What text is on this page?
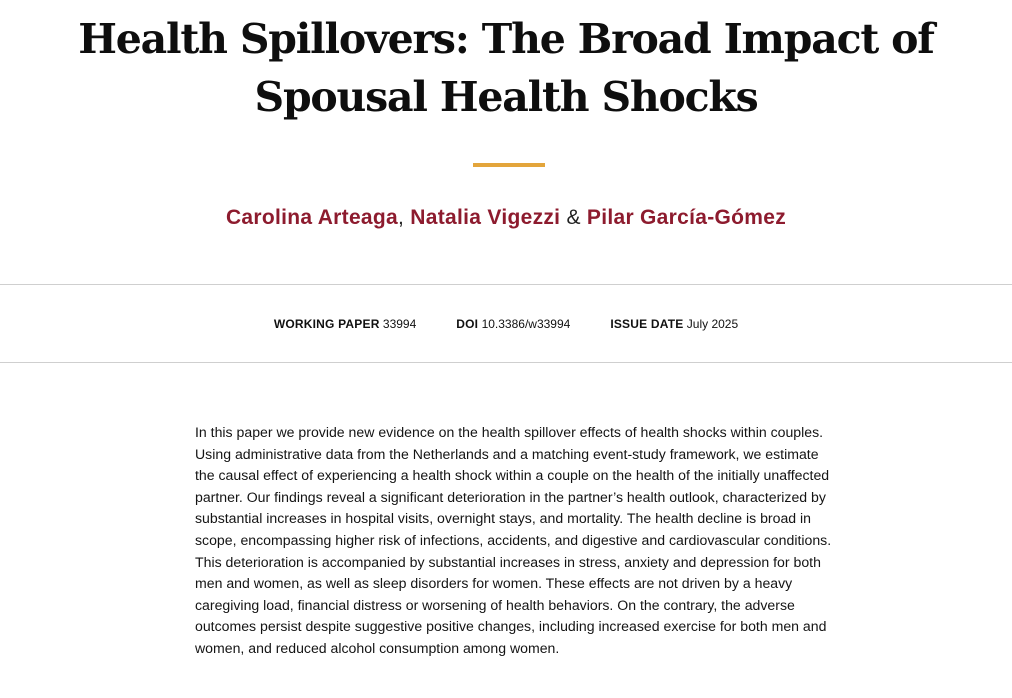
Health Spillovers: The Broad Impact of Spousal Health Shocks
Carolina Arteaga, Natalia Vigezzi & Pilar García-Gómez
WORKING PAPER 33994	DOI 10.3386/w33994	ISSUE DATE July 2025

In this paper we provide new evidence on the health spillover effects of health shocks within couples. Using administrative data from the Netherlands and a matching event-study framework, we estimate the causal effect of experiencing a health shock within a couple on the health of the initially unaffected partner. Our findings reveal a significant deterioration in the partner’s health outlook, characterized by substantial increases in hospital visits, overnight stays, and mortality. The health decline is broad in scope, encompassing higher risk of infections, accidents, and digestive and cardiovascular conditions. This deterioration is accompanied by substantial increases in stress, anxiety and depression for both men and women, as well as sleep disorders for women. These effects are not driven by a heavy caregiving load, financial distress or worsening of health behaviors. On the contrary, the adverse outcomes persist despite suggestive positive changes, including increased exercise for both men and women, and reduced alcohol consumption among women.
